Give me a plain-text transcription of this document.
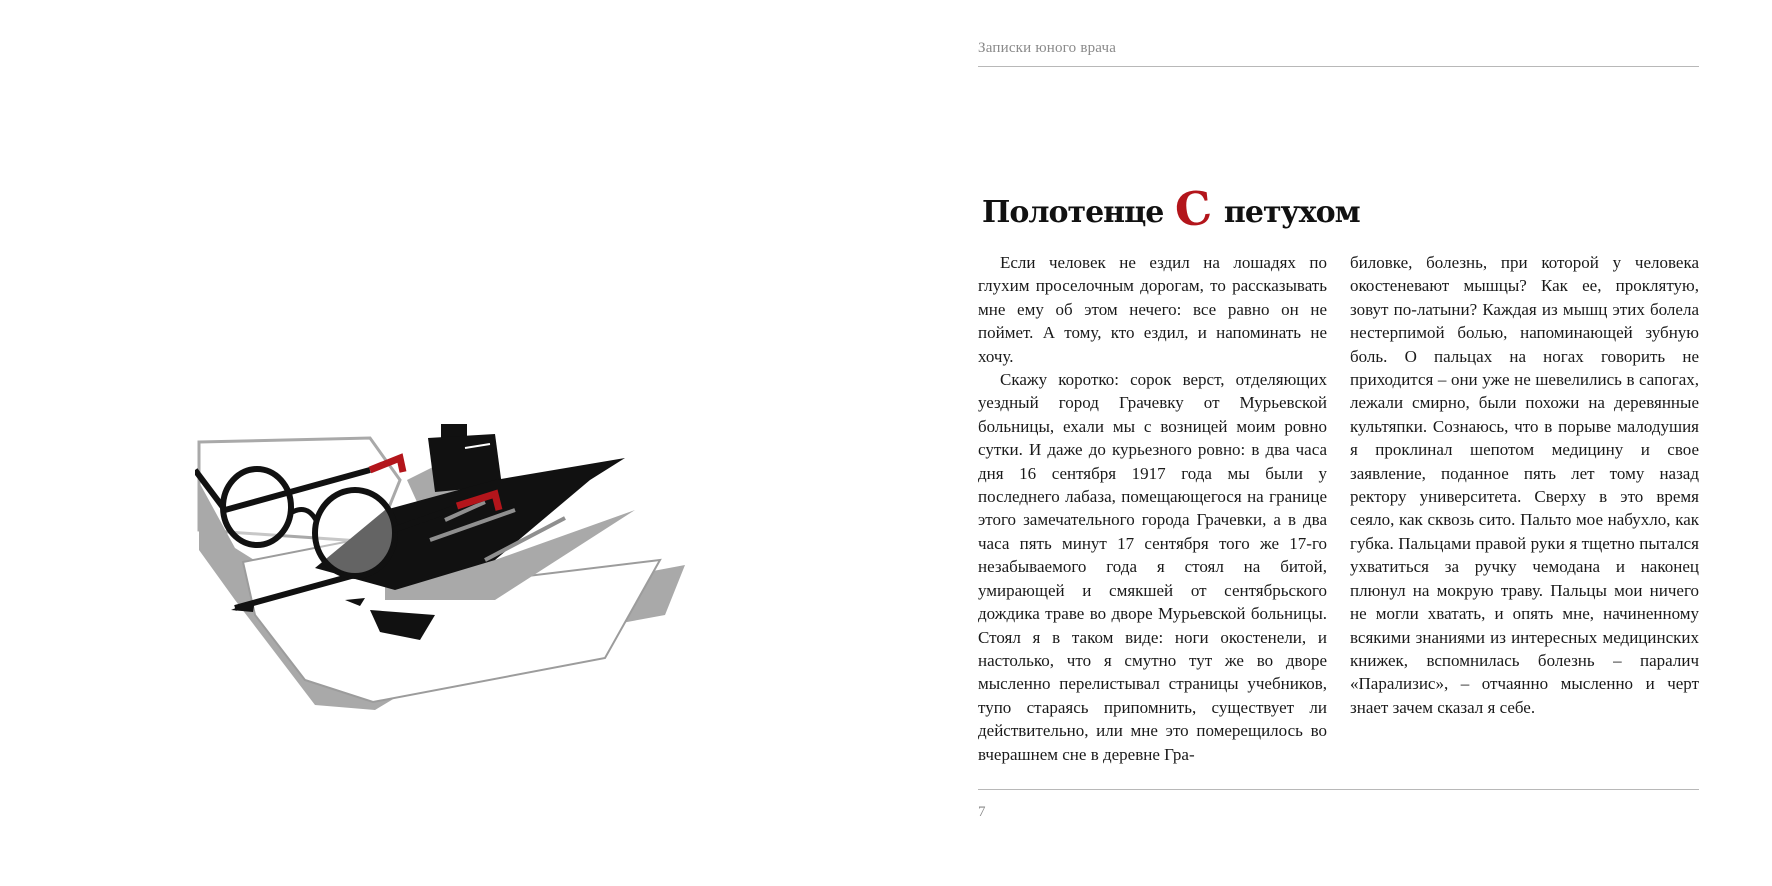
Записки юного врача
Полотенце С петухом

Если человек не ездил на лошадях по глухим проселочным дорогам, то рассказывать мне ему об этом нечего: все равно он не поймет. А тому, кто ездил, и напоминать не хочу.

Скажу коротко: сорок верст, отделяющих уездный город Грачевку от Мурьевской больницы, ехали мы с возницей моим ровно сутки. И даже до курьезного ровно: в два часа дня 16 сентября 1917 года мы были у последнего лабаза, помещающегося на границе этого замечательного города Грачевки, а в два часа пять минут 17 сентября того же 17-го незабываемого года я стоял на битой, умирающей и смякшей от сентябрьского дождика траве во дворе Мурьевской больницы. Стоял я в таком виде: ноги окостенели, и настолько, что я смутно тут же во дворе мысленно перелистывал страницы учебников, тупо стараясь припомнить, существует ли действительно, или мне это померещилось во вчерашнем сне в деревне Гра-

биловке, болезнь, при которой у человека окостеневают мышцы? Как ее, проклятую, зовут по-латыни? Каждая из мышц этих болела нестерпимой болью, напоминающей зубную боль. О пальцах на ногах говорить не приходится – они уже не шевелились в сапогах, лежали смирно, были похожи на деревянные культяпки. Сознаюсь, что в порыве малодушия я проклинал шепотом медицину и свое заявление, поданное пять лет тому назад ректору университета. Сверху в это время сеяло, как сквозь сито. Пальто мое набухло, как губка. Пальцами правой руки я тщетно пытался ухватиться за ручку чемодана и наконец плюнул на мокрую траву. Пальцы мои ничего не могли хватать, и опять мне, начиненному всякими знаниями из интересных медицинских книжек, вспомнилась болезнь – паралич «Парализис», – отчаянно мысленно и черт знает зачем сказал я себе.

7
